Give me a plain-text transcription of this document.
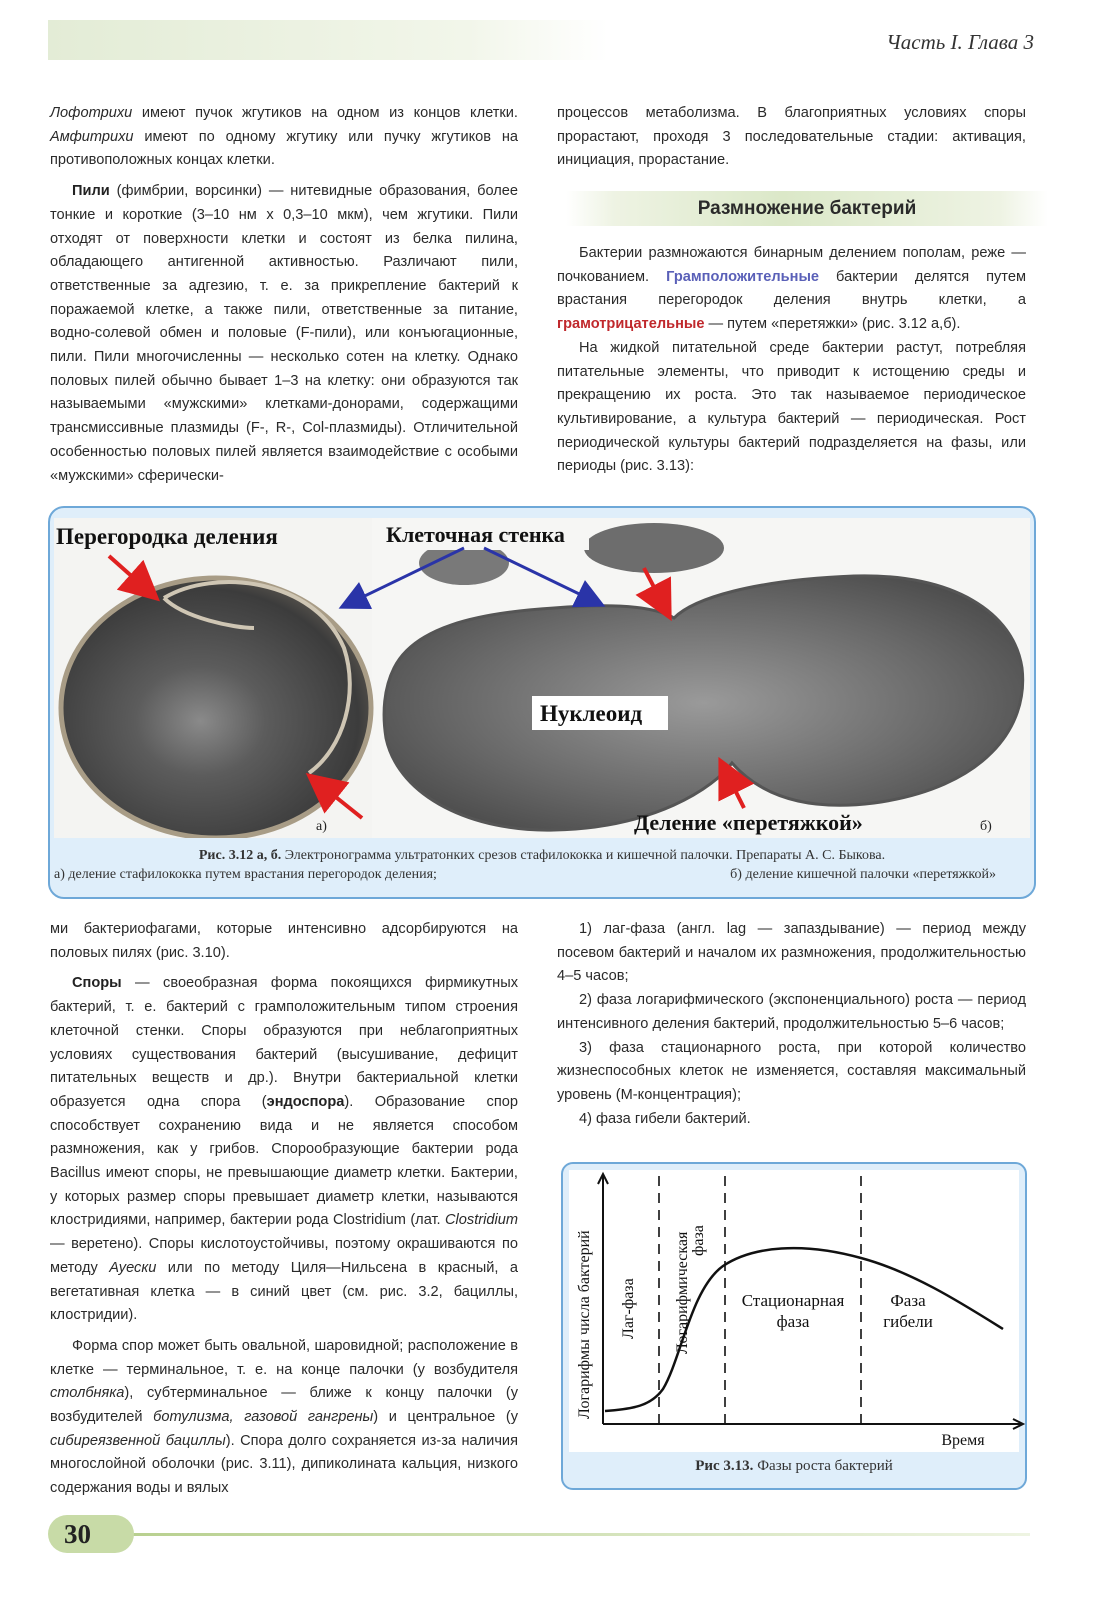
Часть I. Глава 3

Лофотрихи имеют пучок жгутиков на одном из концов клетки. Амфитрихи имеют по одному жгутику или пучку жгутиков на противоположных концах клетки.

Пили (фимбрии, ворсинки) — нитевидные образования, более тонкие и короткие (3–10 нм х 0,3–10 мкм), чем жгутики. Пили отходят от поверхности клетки и состоят из белка пилина, обладающего антигенной активностью. Различают пили, ответственные за адгезию, т. е. за прикрепление бактерий к поражаемой клетке, а также пили, ответственные за питание, водно-солевой обмен и половые (F-пили), или конъюгационные, пили. Пили многочисленны — несколько сотен на клетку. Однако половых пилей обычно бывает 1–3 на клетку: они образуются так называемыми «мужскими» клетками-донорами, содержащими трансмиссивные плазмиды (F-, R-, Col-плазмиды). Отличительной особенностью половых пилей является взаимодействие с особыми «мужскими» сферически-

процессов метаболизма. В благоприятных условиях споры прорастают, проходя 3 последовательные стадии: активация, инициация, прорастание.

Размножение бактерий

Бактерии размножаются бинарным делением пополам, реже — почкованием. Грамположительные бактерии делятся путем врастания перегородок деления внутрь клетки, а грамотрицательные — путем «перетяжки» (рис. 3.12 а,б).

На жидкой питательной среде бактерии растут, потребляя питательные элементы, что приводит к истощению среды и прекращению их роста. Это так называемое периодическое культивирование, а культура бактерий — периодическая. Рост периодической культуры бактерий подразделяется на фазы, или периоды (рис. 3.13):

Перегородка деления	Клеточная стенка
Нуклеоид
Деление «перетяжкой»
а)	б)
Рис. 3.12 а, б. Электронограмма ультратонких срезов стафилококка и кишечной палочки. Препараты А. С. Быкова.
а) деление стафилококка путем врастания перегородок деления;	б) деление кишечной палочки «перетяжкой»

ми бактериофагами, которые интенсивно адсорбируются на половых пилях (рис. 3.10).

Споры — своеобразная форма покоящихся фирмикутных бактерий, т. е. бактерий с грамположительным типом строения клеточной стенки. Споры образуются при неблагоприятных условиях существования бактерий (высушивание, дефицит питательных веществ и др.). Внутри бактериальной клетки образуется одна спора (эндоспора). Образование спор способствует сохранению вида и не является способом размножения, как у грибов. Спорообразующие бактерии рода Bacillus имеют споры, не превышающие диаметр клетки. Бактерии, у которых размер споры превышает диаметр клетки, называются клостридиями, например, бактерии рода Clostridium (лат. Clostridium — веретено). Споры кислотоустойчивы, поэтому окрашиваются по методу Ауески или по методу Циля—Нильсена в красный, а вегетативная клетка — в синий цвет (см. рис. 3.2, бациллы, клостридии).

Форма спор может быть овальной, шаровидной; расположение в клетке — терминальное, т. е. на конце палочки (у возбудителя столбняка), субтерминальное — ближе к концу палочки (у возбудителей ботулизма, газовой гангрены) и центральное (у сибиреязвенной бациллы). Спора долго сохраняется из-за наличия многослойной оболочки (рис. 3.11), дипиколината кальция, низкого содержания воды и вялых

1) лаг-фаза (англ. lag — запаздывание) — период между посевом бактерий и началом их размножения, продолжительностью 4–5 часов;

2) фаза логарифмического (экспоненциального) роста — период интенсивного деления бактерий, продолжительностью 5–6 часов;

3) фаза стационарного роста, при которой количество жизнеспособных клеток не изменяется, составляя максимальный уровень (М-концентрация);

4) фаза гибели бактерий.

Логарифмы числа бактерий Лаг-фаза Логарифмическая фаза
Стационарная
фаза
Фаза
гибели
Время
Рис 3.13. Фазы роста бактерий
30
